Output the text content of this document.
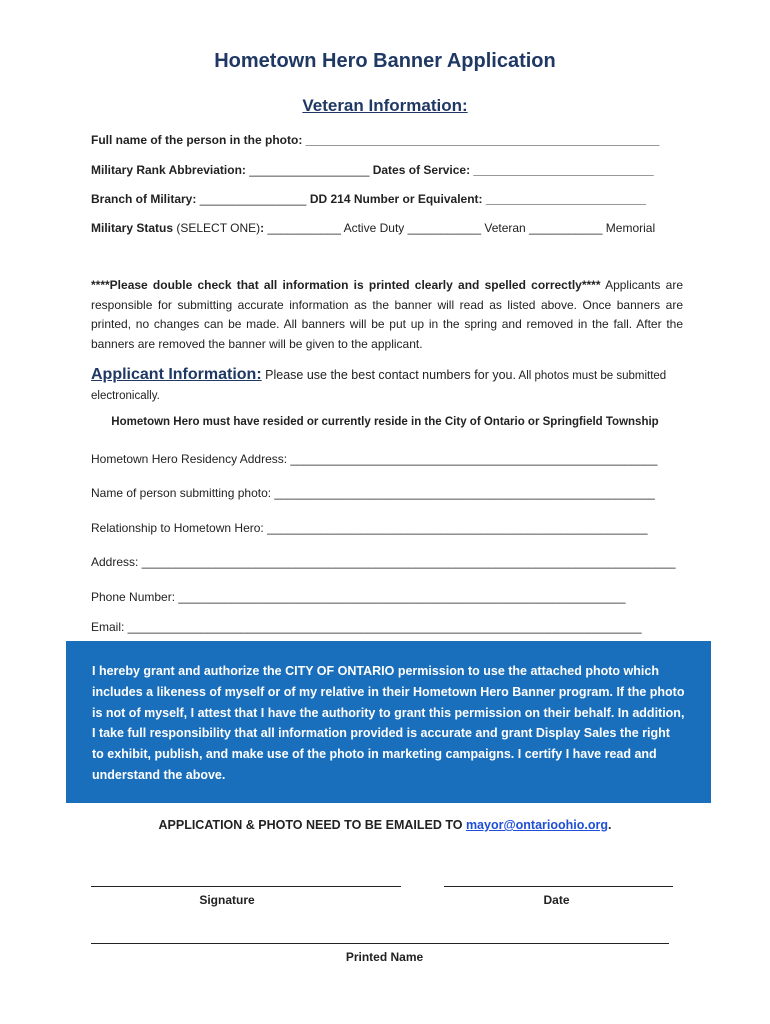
Hometown Hero Banner Application
Veteran Information:
Full name of the person in the photo: _____________________________________________________
Military Rank Abbreviation: __________________ Dates of Service: ___________________________
Branch of Military: ________________ DD 214 Number or Equivalent: ________________________
Military Status (SELECT ONE): ___________ Active Duty ___________ Veteran ___________ Memorial
****Please double check that all information is printed clearly and spelled correctly**** Applicants are responsible for submitting accurate information as the banner will read as listed above. Once banners are printed, no changes can be made. All banners will be put up in the spring and removed in the fall. After the banners are removed the banner will be given to the applicant.
Applicant Information: Please use the best contact numbers for you. All photos must be submitted electronically.
Hometown Hero must have resided or currently reside in the City of Ontario or Springfield Township
Hometown Hero Residency Address: _______________________________________________________
Name of person submitting photo: _________________________________________________________
Relationship to Hometown Hero: _________________________________________________________
Address: ________________________________________________________________________________
Phone Number: ___________________________________________________________________
Email: _____________________________________________________________________________
I hereby grant and authorize the CITY OF ONTARIO permission to use the attached photo which includes a likeness of myself or of my relative in their Hometown Hero Banner program. If the photo is not of myself, I attest that I have the authority to grant this permission on their behalf. In addition, I take full responsibility that all information provided is accurate and grant Display Sales the right to exhibit, publish, and make use of the photo in marketing campaigns. I certify I have read and understand the above.
APPLICATION & PHOTO NEED TO BE EMAILED TO mayor@ontarioohio.org.
Signature	Date
Printed Name
